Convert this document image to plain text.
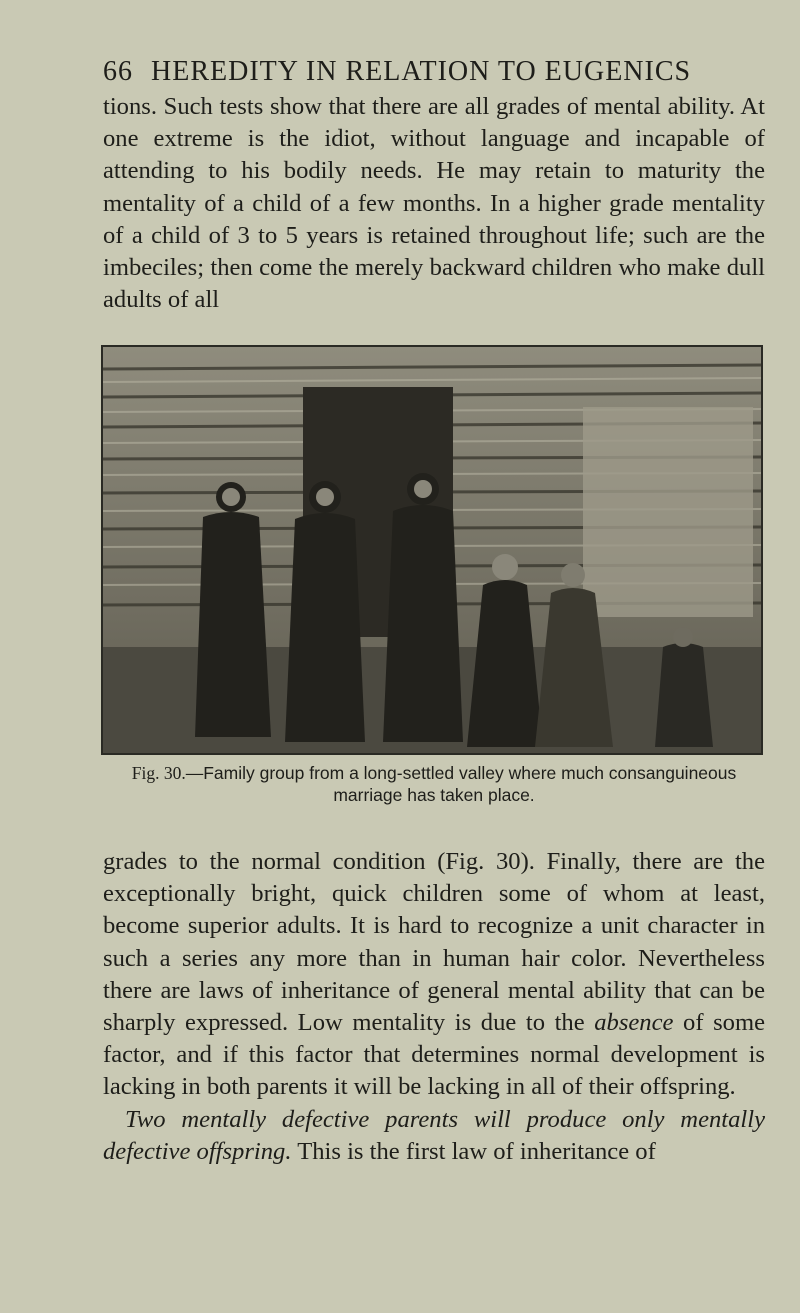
66 HEREDITY IN RELATION TO EUGENICS
tions. Such tests show that there are all grades of mental ability. At one extreme is the idiot, without language and incapable of attending to his bodily needs. He may retain to maturity the mentality of a child of a few months. In a higher grade mentality of a child of 3 to 5 years is retained throughout life; such are the imbeciles; then come the merely backward children who make dull adults of all
Fig. 30.—Family group from a long-settled valley where much consanguineous marriage has taken place.
grades to the normal condition (Fig. 30). Finally, there are the exceptionally bright, quick children some of whom at least, become superior adults. It is hard to recognize a unit character in such a series any more than in human hair color. Nevertheless there are laws of inheritance of general mental ability that can be sharply expressed. Low mentality is due to the absence of some factor, and if this factor that determines normal development is lacking in both parents it will be lacking in all of their offspring.
Two mentally defective parents will produce only mentally defective offspring. This is the first law of inheritance of
